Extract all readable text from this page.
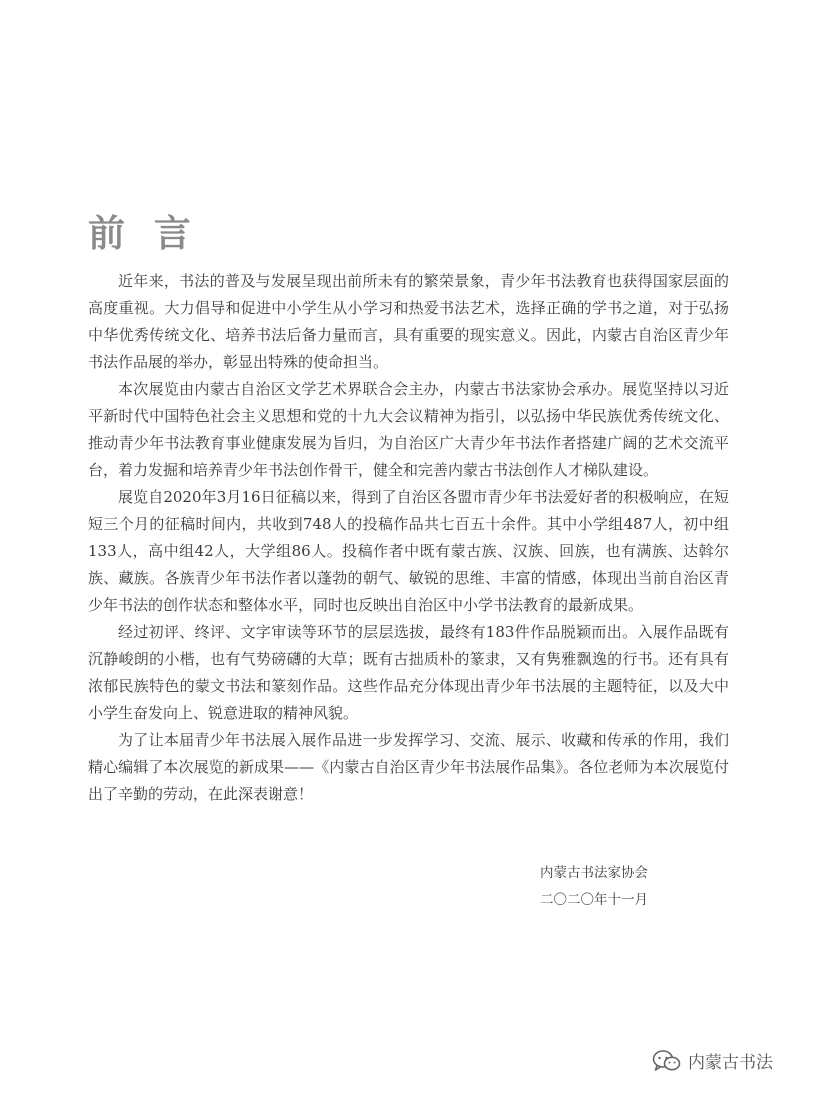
前 言

近年来，书法的普及与发展呈现出前所未有的繁荣景象，青少年书法教育也获得国家层面的高度重视。大力倡导和促进中小学生从小学习和热爱书法艺术，选择正确的学书之道，对于弘扬中华优秀传统文化、培养书法后备力量而言，具有重要的现实意义。因此，内蒙古自治区青少年书法作品展的举办，彰显出特殊的使命担当。

本次展览由内蒙古自治区文学艺术界联合会主办，内蒙古书法家协会承办。展览坚持以习近平新时代中国特色社会主义思想和党的十九大会议精神为指引，以弘扬中华民族优秀传统文化、推动青少年书法教育事业健康发展为旨归，为自治区广大青少年书法作者搭建广阔的艺术交流平台，着力发掘和培养青少年书法创作骨干，健全和完善内蒙古书法创作人才梯队建设。

展览自2020年3月16日征稿以来，得到了自治区各盟市青少年书法爱好者的积极响应，在短短三个月的征稿时间内，共收到748人的投稿作品共七百五十余件。其中小学组487人，初中组133人，高中组42人，大学组86人。投稿作者中既有蒙古族、汉族、回族，也有满族、达斡尔族、藏族。各族青少年书法作者以蓬勃的朝气、敏锐的思维、丰富的情感，体现出当前自治区青少年书法的创作状态和整体水平，同时也反映出自治区中小学书法教育的最新成果。

经过初评、终评、文字审读等环节的层层选拔，最终有183件作品脱颖而出。入展作品既有沉静峻朗的小楷，也有气势磅礴的大草；既有古拙质朴的篆隶，又有隽雅飘逸的行书。还有具有浓郁民族特色的蒙文书法和篆刻作品。这些作品充分体现出青少年书法展的主题特征，以及大中小学生奋发向上、锐意进取的精神风貌。

为了让本届青少年书法展入展作品进一步发挥学习、交流、展示、收藏和传承的作用，我们精心编辑了本次展览的新成果——《内蒙古自治区青少年书法展作品集》。各位老师为本次展览付出了辛勤的劳动，在此深表谢意！

内蒙古书法家协会
二〇二〇年十一月
内蒙古书法
